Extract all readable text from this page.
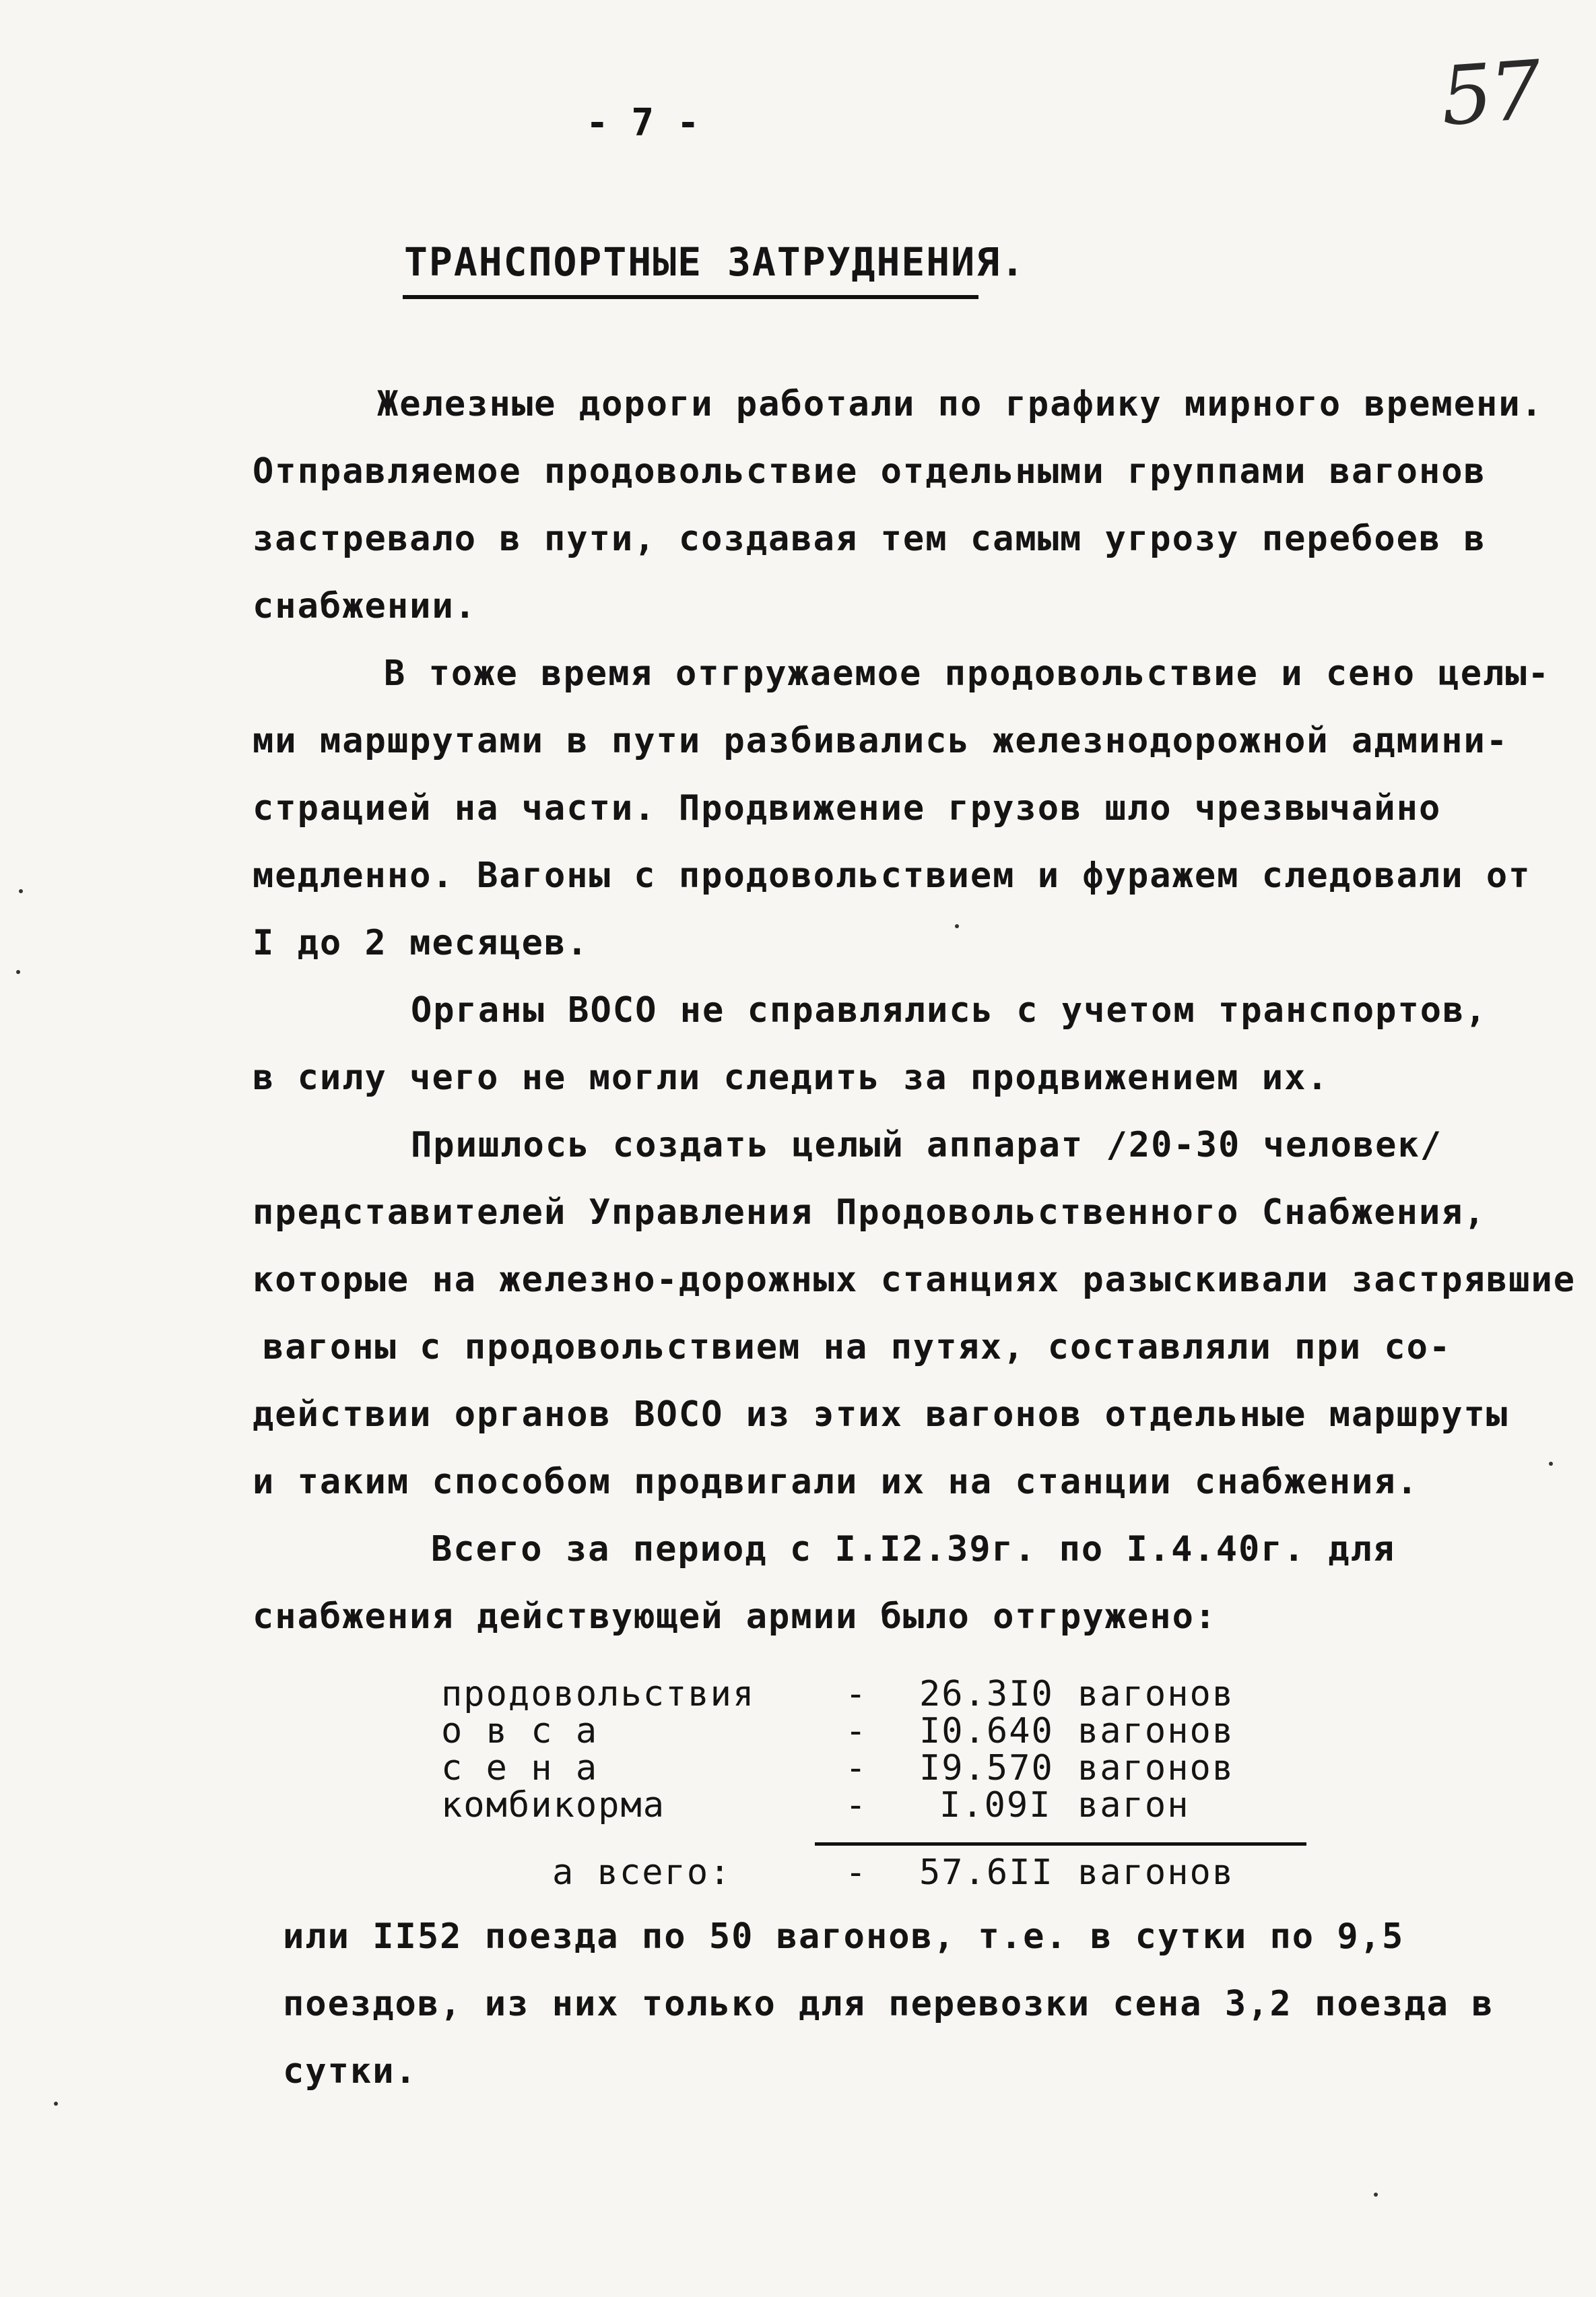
57
- 7 -
ТРАНСПОРТНЫЕ ЗАТРУДНЕНИЯ.
Железные дороги работали по графику мирного времени.
Отправляемое продовольствие отдельными группами вагонов
застревало в пути, создавая тем самым угрозу перебоев в
снабжении.
В тоже время отгружаемое продовольствие и сено целы-
ми маршрутами в пути разбивались железнодорожной админи-
страцией на части. Продвижение грузов шло чрезвычайно
медленно. Вагоны с продовольствием и фуражем следовали от
I до 2 месяцев.
Органы ВОСО не справлялись с учетом транспортов,
в силу чего не могли следить за продвижением их.
Пришлось создать целый аппарат /20-30 человек/
представителей Управления Продовольственного Снабжения,
которые на железно-дорожных станциях разыскивали застрявшие
вагоны с продовольствием на путях, составляли при со-
действии органов ВОСО из этих вагонов отдельные маршруты
и таким способом продвигали их на станции снабжения.
Всего за период с I.I2.39г. по I.4.40г. для
снабжения действующей армии было отгружено:
продовольствия	- 26.3I0 вагонов
о в с а	- I0.640 вагонов
с е н а	- I9.570 вагонов
комбикорма	- I.09I вагон
а всего:	- 57.6II вагонов
или II52 поезда по 50 вагонов, т.е. в сутки по 9,5
поездов, из них только для перевозки сена 3,2 поезда в
сутки.
